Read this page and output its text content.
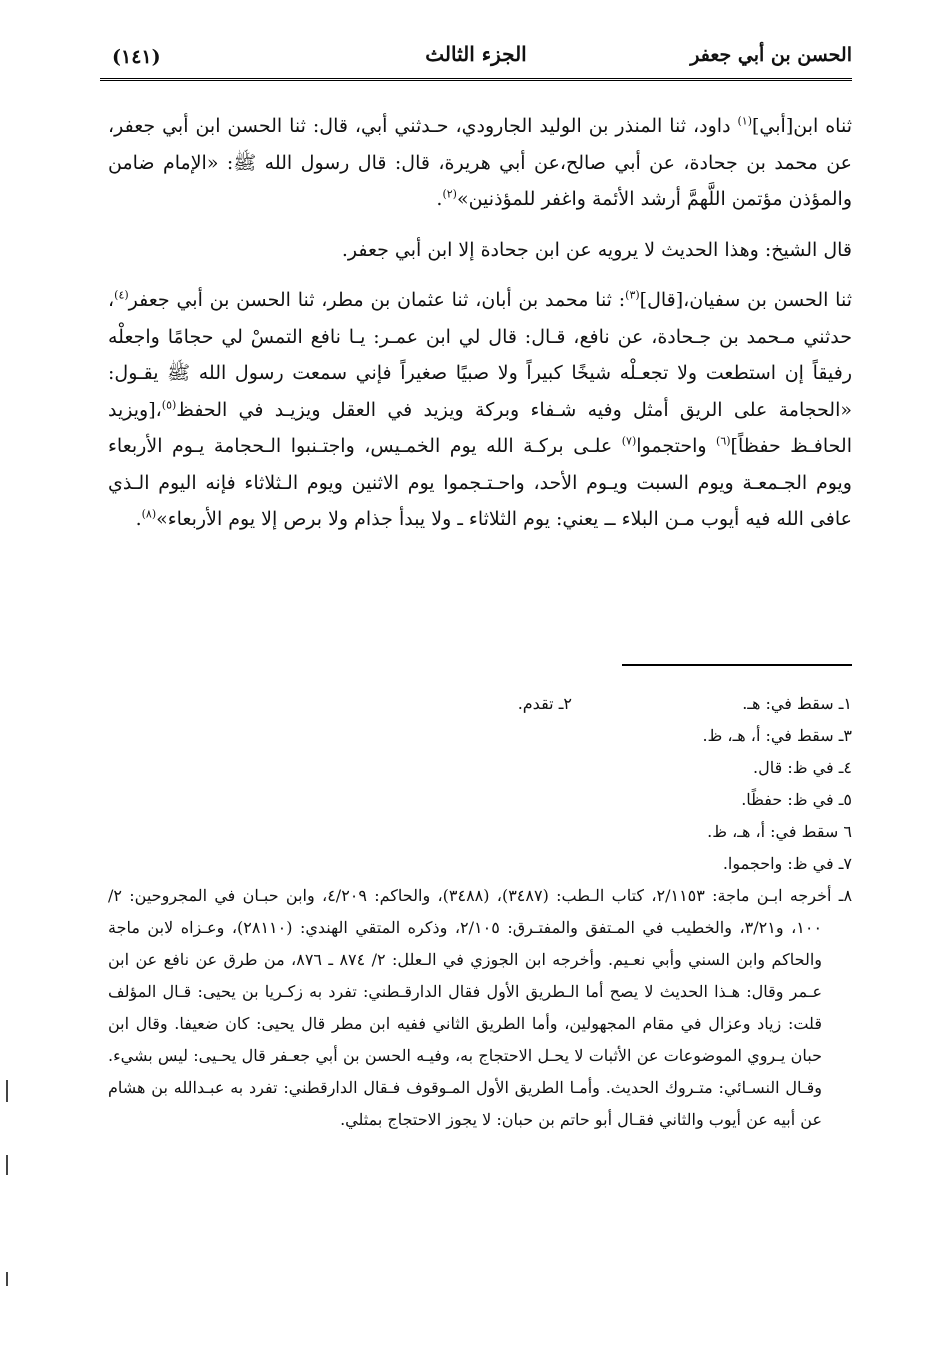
الحسن بن أبي جعفر
الجزء الثالث
(١٤١)

ثناه ابن[أبي]$^{(١)}$ داود، ثنا المنذر بن الوليد الجارودي، حـدثني أبي، قال: ثنا الحسن ابن أبي جعفر، عن محمد بن جحادة، عن أبي صالح،عن أبي هريرة، قال: قال رسول الله ﷺ: «الإمام ضامن والمؤذن مؤتمن اللَّهمَّ أرشد الأئمة واغفر للمؤذنين»$^{(٢)}$.

قال الشيخ: وهذا الحديث لا يرويه عن ابن جحادة إلا ابن أبي جعفر.

ثنا الحسن بن سفيان،[قال]$^{(٣)}$: ثنا محمد بن أبان، ثنا عثمان بن مطر، ثنا الحسن بن أبي جعفر$^{(٤)}$، حدثني مـحمد بن جـحادة، عن نافع، قـال: قال لي ابن عمـر: يـا نافع التمسْ لي حجامًا واجعلْه رفيقاً إن استطعت ولا تجعـلْه شيخًا كبيراً ولا صبيًا صغيراً فإني سمعت رسول الله ﷺ يقـول: «الحجامة على الريق أمثل وفيه شـفاء وبركة ويزيد في العقل ويزيـد في الحفظ$^{(٥)}$،[ويزيد الحافـظ حفظاً]$^{(٦)}$ واحتجموا$^{(٧)}$ علـى بركـة الله يوم الخمـيس، واجتـنبوا الـحجامة يـوم الأربعاء ويوم الجـمعـة ويوم السبت ويـوم الأحد، واحـتـجموا يوم الاثنين ويوم الـثلاثاء فإنه اليوم الـذي عافى الله فيه أيوب مـن البلاء ــ يعني: يوم الثلاثاء ـ ولا يبدأ جذام ولا برص إلا يوم الأربعاء»$^{(٨)}$.

١ـ سقط في: هـ.
٢ـ تقدم.
٣ـ سقط في: أ، هـ، ظ.
٤ـ في ظ: قال.
٥ـ في ظ: حفظًا.
٦ سقط في: أ، هـ، ظ.
٧ـ في ظ: واحجموا.
٨ـ أخرجه ابـن ماجة: ٢/١١٥٣، كتاب الـطب: (٣٤٨٧)، (٣٤٨٨)، والحاكم: ٤/٢٠٩، وابن حبـان في المجروحين: ٢/ ١٠٠، و٣/٢١، والخطيب في المـتفق والمفتـرق: ٢/١٠٥، وذكره المتقي الهندي: (٢٨١١٠)، وعـزاه لابن ماجة والحاكم وابن السني وأبي نعـيم. وأخرجه ابن الجوزي في الـعلل: ٢/ ٨٧٤ ـ ٨٧٦، من طرق عن نافع عن ابن عـمر وقال: هـذا الحديث لا يصح أما الـطريق الأول فقال الدارقـطني: تفرد به زكـريا بن يحيى: قـال المؤلف قلت: زياد وعزال في مقام المجهولين، وأما الطريق الثاني ففيه ابن مطر قال يحيى: كان ضعيفا. وقال ابن حبان يـروي الموضوعات عن الأثبات لا يحـل الاحتجاج به، وفيـه الحسن بن أبي جعـفر قال يحـيى: ليس بشيء. وقـال النسـائي: متـروك الحديث. وأمـا الطريق الأول المـوقوف فـقال الدارقطني: تفرد به عبـدالله بن هشام عن أبيه عن أيوب والثاني فقـال أبو حاتم بن حبان: لا يجوز الاحتجاج بمثلي.
